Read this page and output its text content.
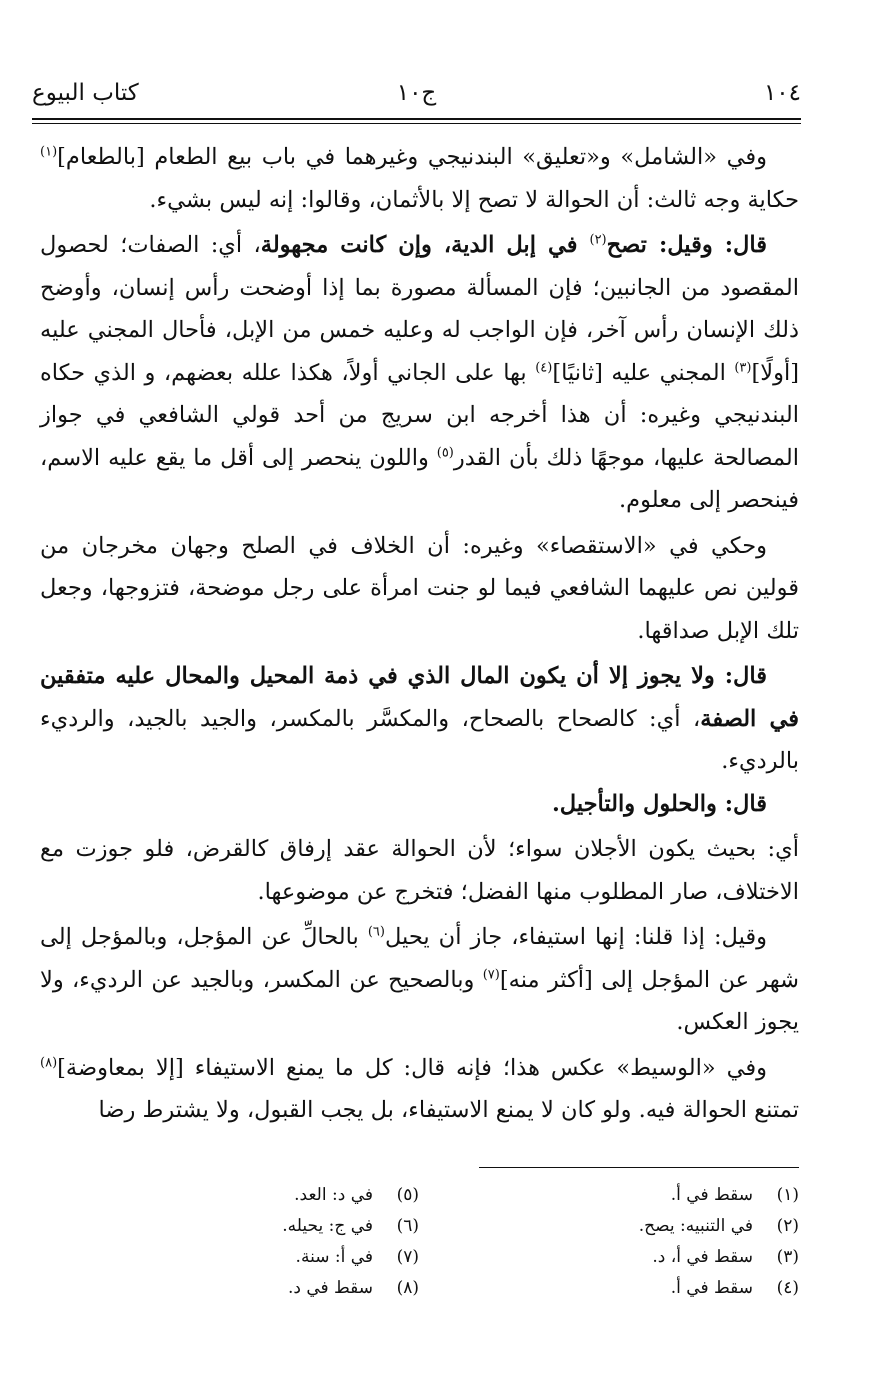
١٠٤
ج١٠
كتاب البيوع

وفي «الشامل» و«تعليق» البندنيجي وغيرهما في باب بيع الطعام [بالطعام]$^{(١)}$ حكاية وجه ثالث: أن الحوالة لا تصح إلا بالأثمان، وقالوا: إنه ليس بشيء.

قال: وقيل: تصح$^{(٢)}$ في إبل الدية، وإن كانت مجهولة، أي: الصفات؛ لحصول المقصود من الجانبين؛ فإن المسألة مصورة بما إذا أوضحت رأس إنسان، وأوضح ذلك الإنسان رأس آخر، فإن الواجب له وعليه خمس من الإبل، فأحال المجني عليه [أولًا]$^{(٣)}$ المجني عليه [ثانيًا]$^{(٤)}$ بها على الجاني أولاً، هكذا علله بعضهم، و الذي حكاه البندنيجي وغيره: أن هذا أخرجه ابن سريج من أحد قولي الشافعي في جواز المصالحة عليها، موجهًا ذلك بأن القدر$^{(٥)}$ واللون ينحصر إلى أقل ما يقع عليه الاسم، فينحصر إلى معلوم.

وحكي في «الاستقصاء» وغيره: أن الخلاف في الصلح وجهان مخرجان من قولين نص عليهما الشافعي فيما لو جنت امرأة على رجل موضحة، فتزوجها، وجعل تلك الإبل صداقها.

قال: ولا يجوز إلا أن يكون المال الذي في ذمة المحيل والمحال عليه متفقين في الصفة، أي: كالصحاح بالصحاح، والمكسَّر بالمكسر، والجيد بالجيد، والرديء بالرديء.

قال: والحلول والتأجيل.

أي: بحيث يكون الأجلان سواء؛ لأن الحوالة عقد إرفاق كالقرض، فلو جوزت مع الاختلاف، صار المطلوب منها الفضل؛ فتخرج عن موضوعها.

وقيل: إذا قلنا: إنها استيفاء، جاز أن يحيل$^{(٦)}$ بالحالِّ عن المؤجل، وبالمؤجل إلى شهر عن المؤجل إلى [أكثر منه]$^{(٧)}$ وبالصحيح عن المكسر، وبالجيد عن الرديء، ولا يجوز العكس.

وفي «الوسيط» عكس هذا؛ فإنه قال: كل ما يمنع الاستيفاء [إلا بمعاوضة]$^{(٨)}$ تمتنع الحوالة فيه. ولو كان لا يمنع الاستيفاء، بل يجب القبول، ولا يشترط رضا

(١)
سقط في أ.
(٢)
في التنبيه: يصح.
(٣)
سقط في أ، د.
(٤)
سقط في أ.
(٥)
في د: العد.
(٦)
في ج: يحيله.
(٧)
في أ: سنة.
(٨)
سقط في د.
